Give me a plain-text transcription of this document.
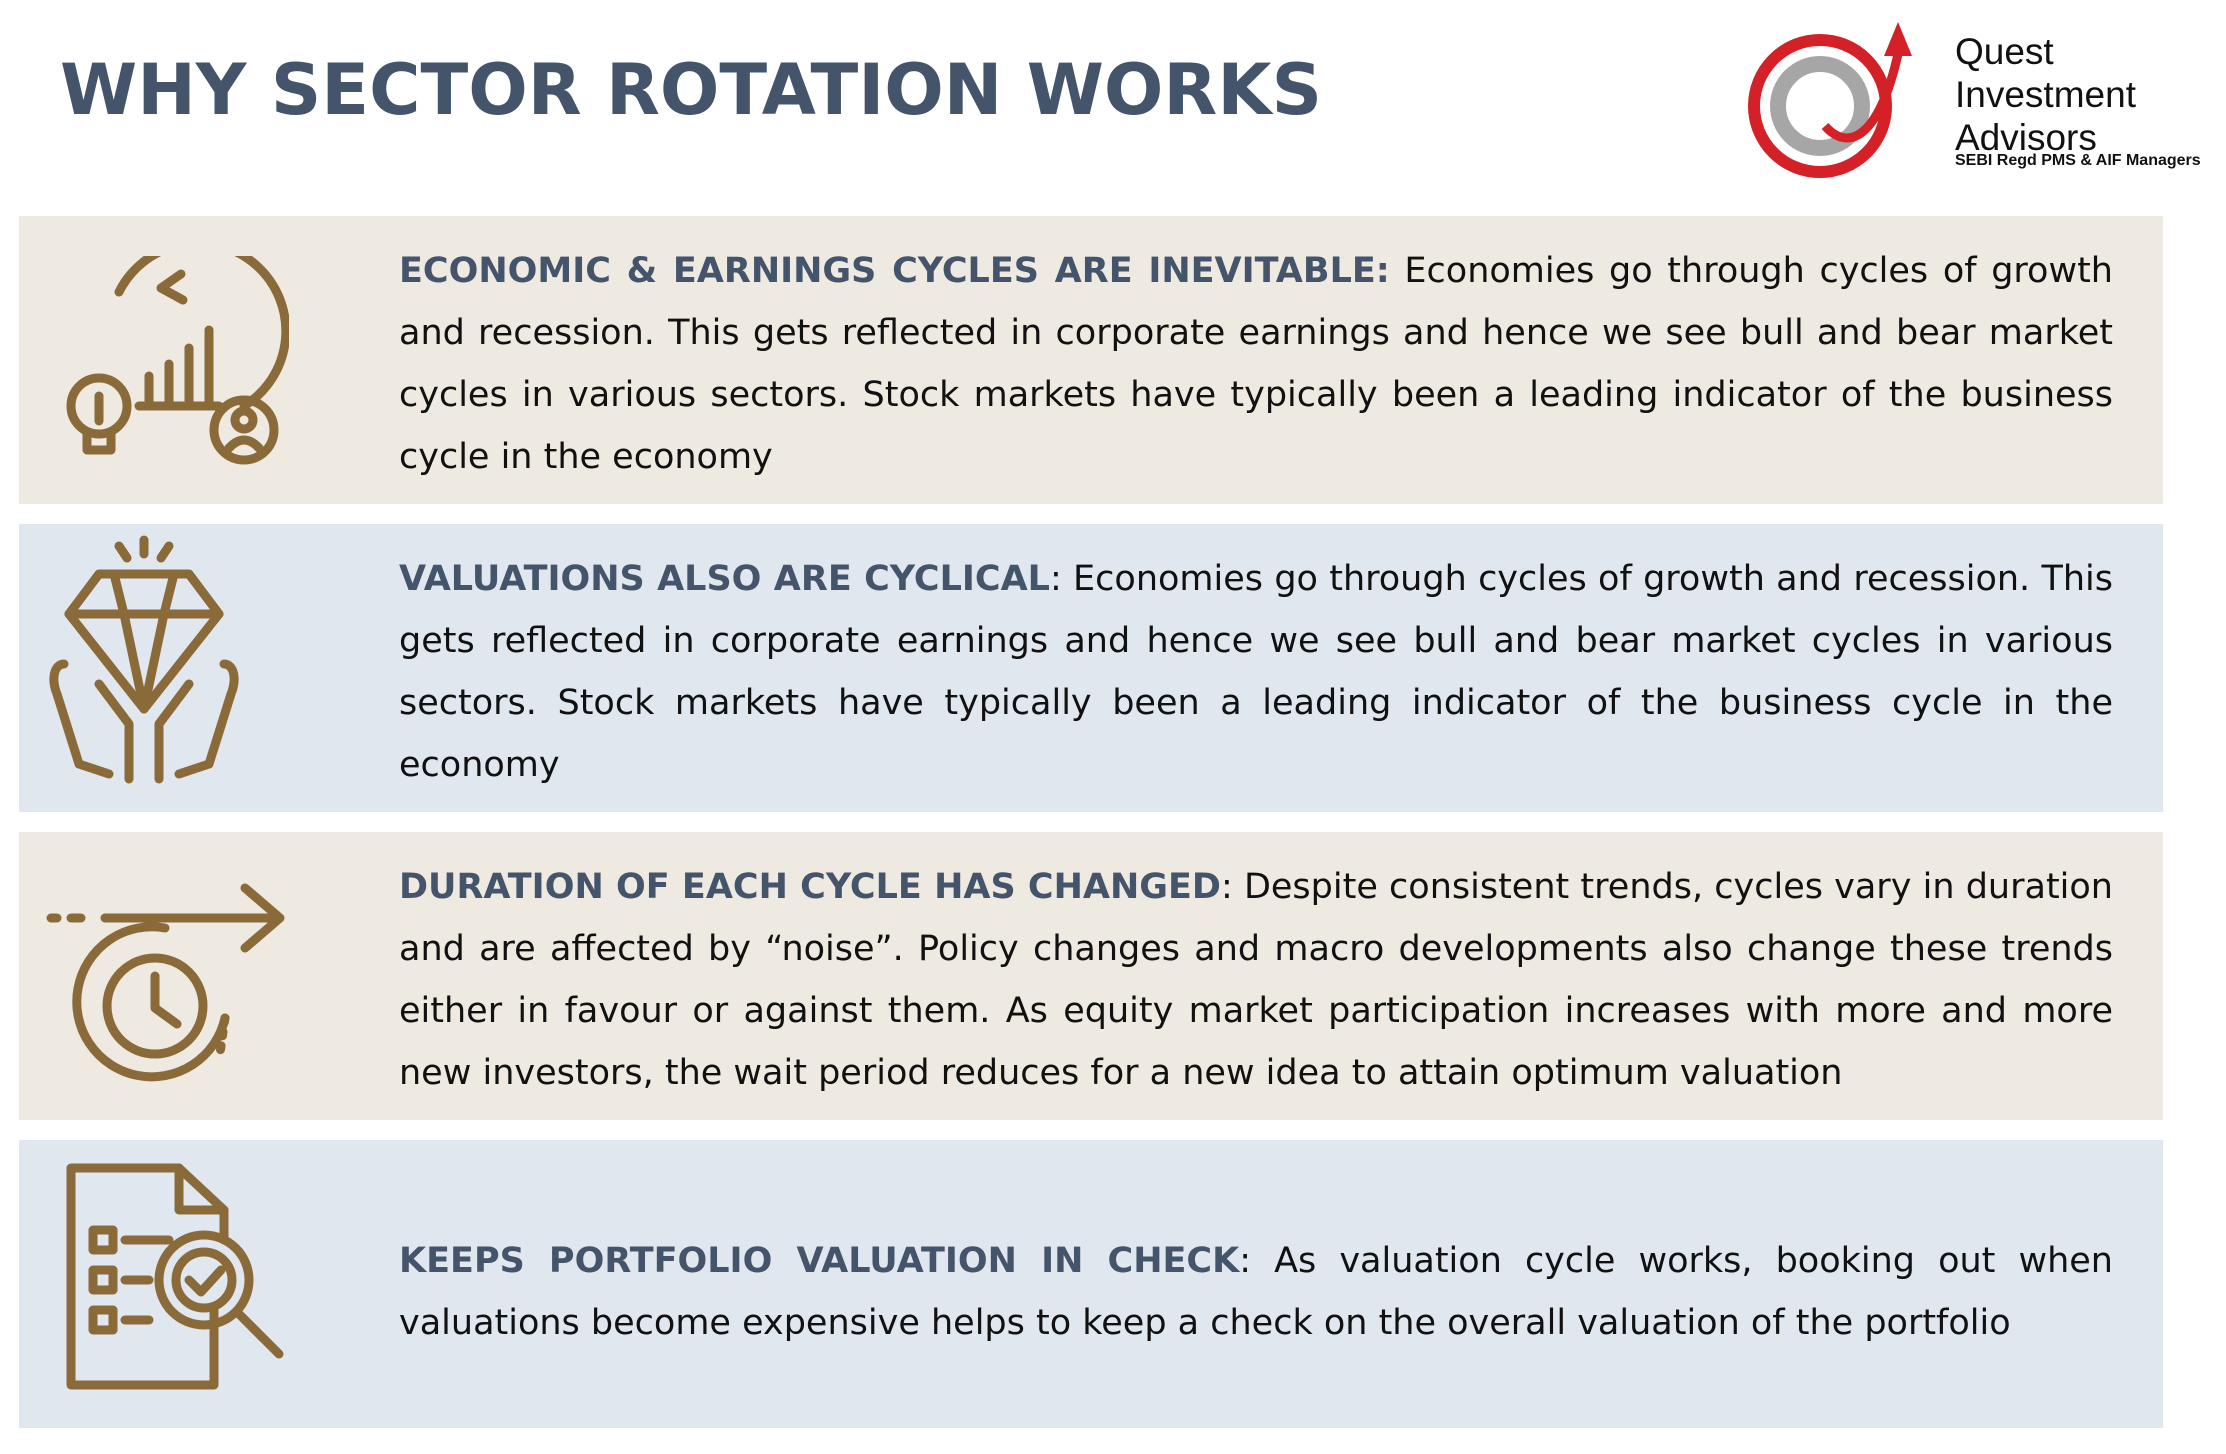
WHY SECTOR ROTATION WORKS	Quest
Investment
Advisors
SEBI Regd PMS & AIF Managers

ECONOMIC & EARNINGS CYCLES ARE INEVITABLE: Economies go through cycles of growth and recession. This gets reflected in corporate earnings and hence we see bull and bear market cycles in various sectors. Stock markets have typically been a leading indicator of the business cycle in the economy

VALUATIONS ALSO ARE CYCLICAL: Economies go through cycles of growth and recession. This gets reflected in corporate earnings and hence we see bull and bear market cycles in various sectors. Stock markets have typically been a leading indicator of the business cycle in the economy

DURATION OF EACH CYCLE HAS CHANGED: Despite consistent trends, cycles vary in duration and are affected by “noise”. Policy changes and macro developments also change these trends either in favour or against them. As equity market participation increases with more and more new investors, the wait period reduces for a new idea to attain optimum valuation

KEEPS PORTFOLIO VALUATION IN CHECK: As valuation cycle works, booking out when valuations become expensive helps to keep a check on the overall valuation of the portfolio
